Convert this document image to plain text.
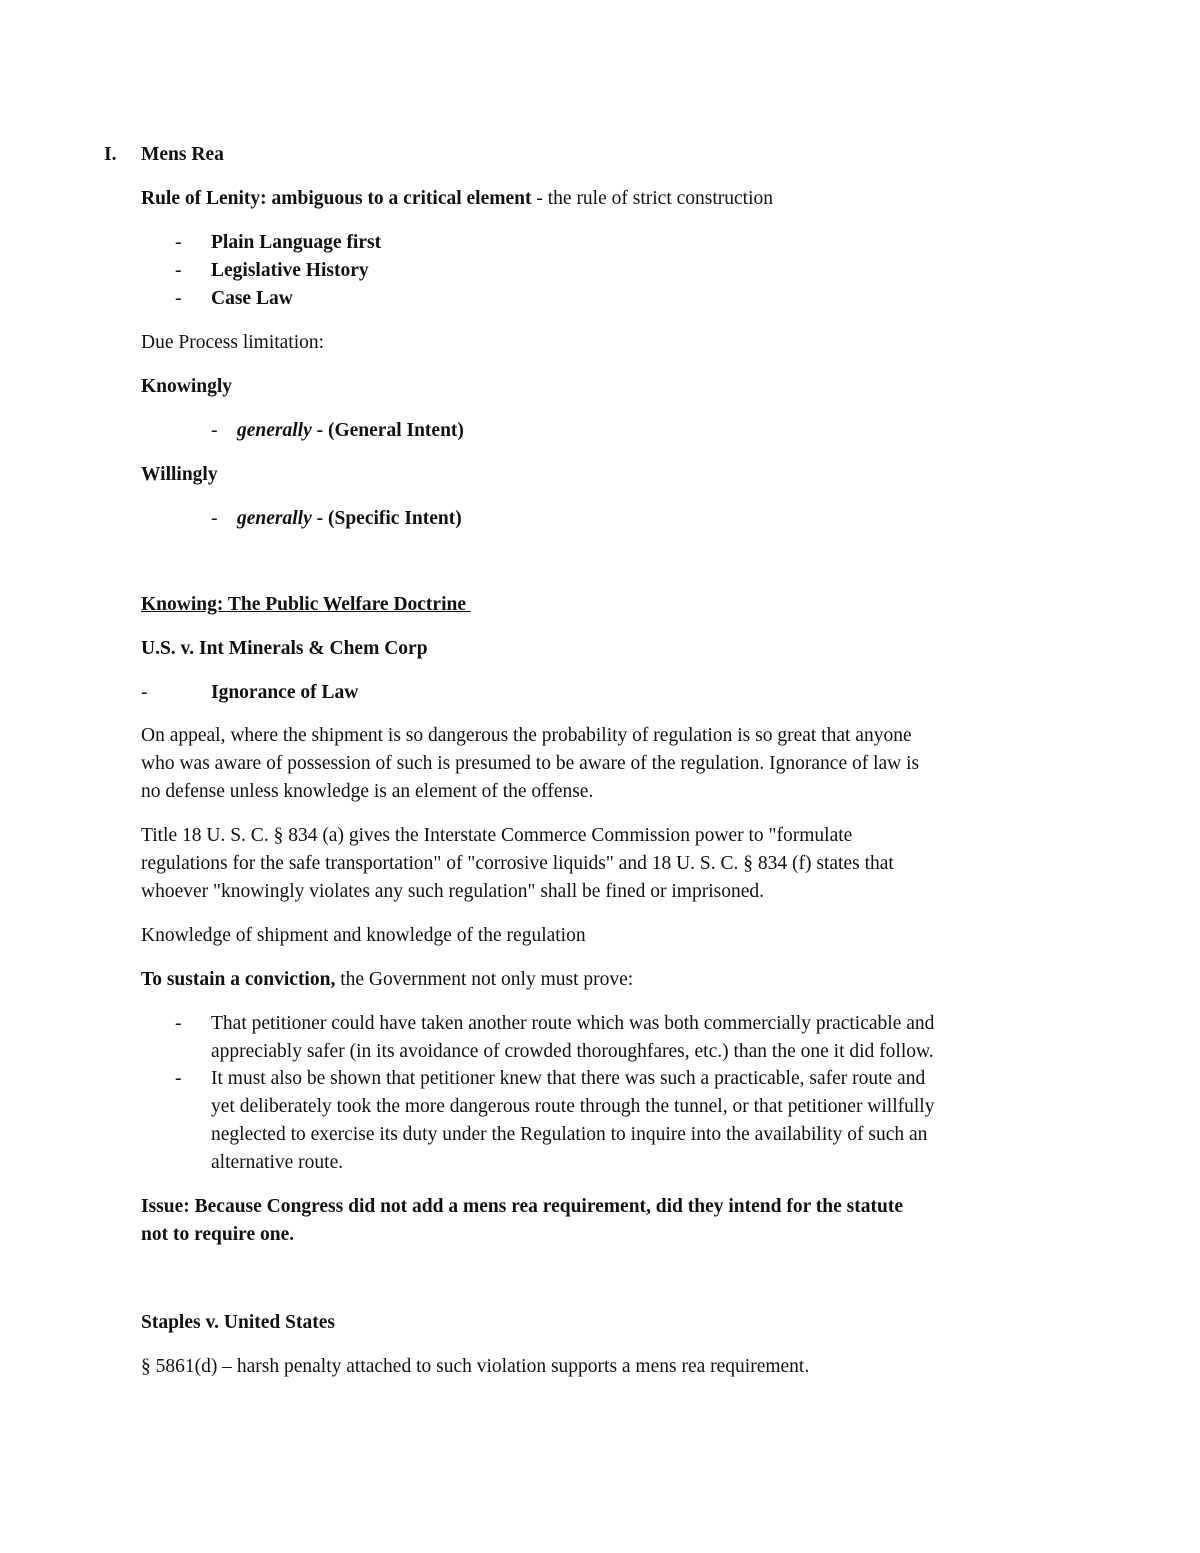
I. Mens Rea
Rule of Lenity: ambiguous to a critical element - the rule of strict construction
- Plain Language first
- Legislative History
- Case Law
Due Process limitation:
Knowingly
- generally - (General Intent)
Willingly
- generally - (Specific Intent)
Knowing: The Public Welfare Doctrine
U.S. v. Int Minerals & Chem Corp
-	Ignorance of Law
On appeal, where the shipment is so dangerous the probability of regulation is so great that anyone
who was aware of possession of such is presumed to be aware of the regulation. Ignorance of law is
no defense unless knowledge is an element of the offense.
Title 18 U. S. C. § 834 (a) gives the Interstate Commerce Commission power to "formulate
regulations for the safe transportation" of "corrosive liquids" and 18 U. S. C. § 834 (f) states that
whoever "knowingly violates any such regulation" shall be fined or imprisoned.
Knowledge of shipment and knowledge of the regulation
To sustain a conviction, the Government not only must prove:
- That petitioner could have taken another route which was both commercially practicable and
appreciably safer (in its avoidance of crowded thoroughfares, etc.) than the one it did follow.
- It must also be shown that petitioner knew that there was such a practicable, safer route and
yet deliberately took the more dangerous route through the tunnel, or that petitioner willfully
neglected to exercise its duty under the Regulation to inquire into the availability of such an
alternative route.
Issue: Because Congress did not add a mens rea requirement, did they intend for the statute
not to require one.
Staples v. United States
§ 5861(d) – harsh penalty attached to such violation supports a mens rea requirement.
